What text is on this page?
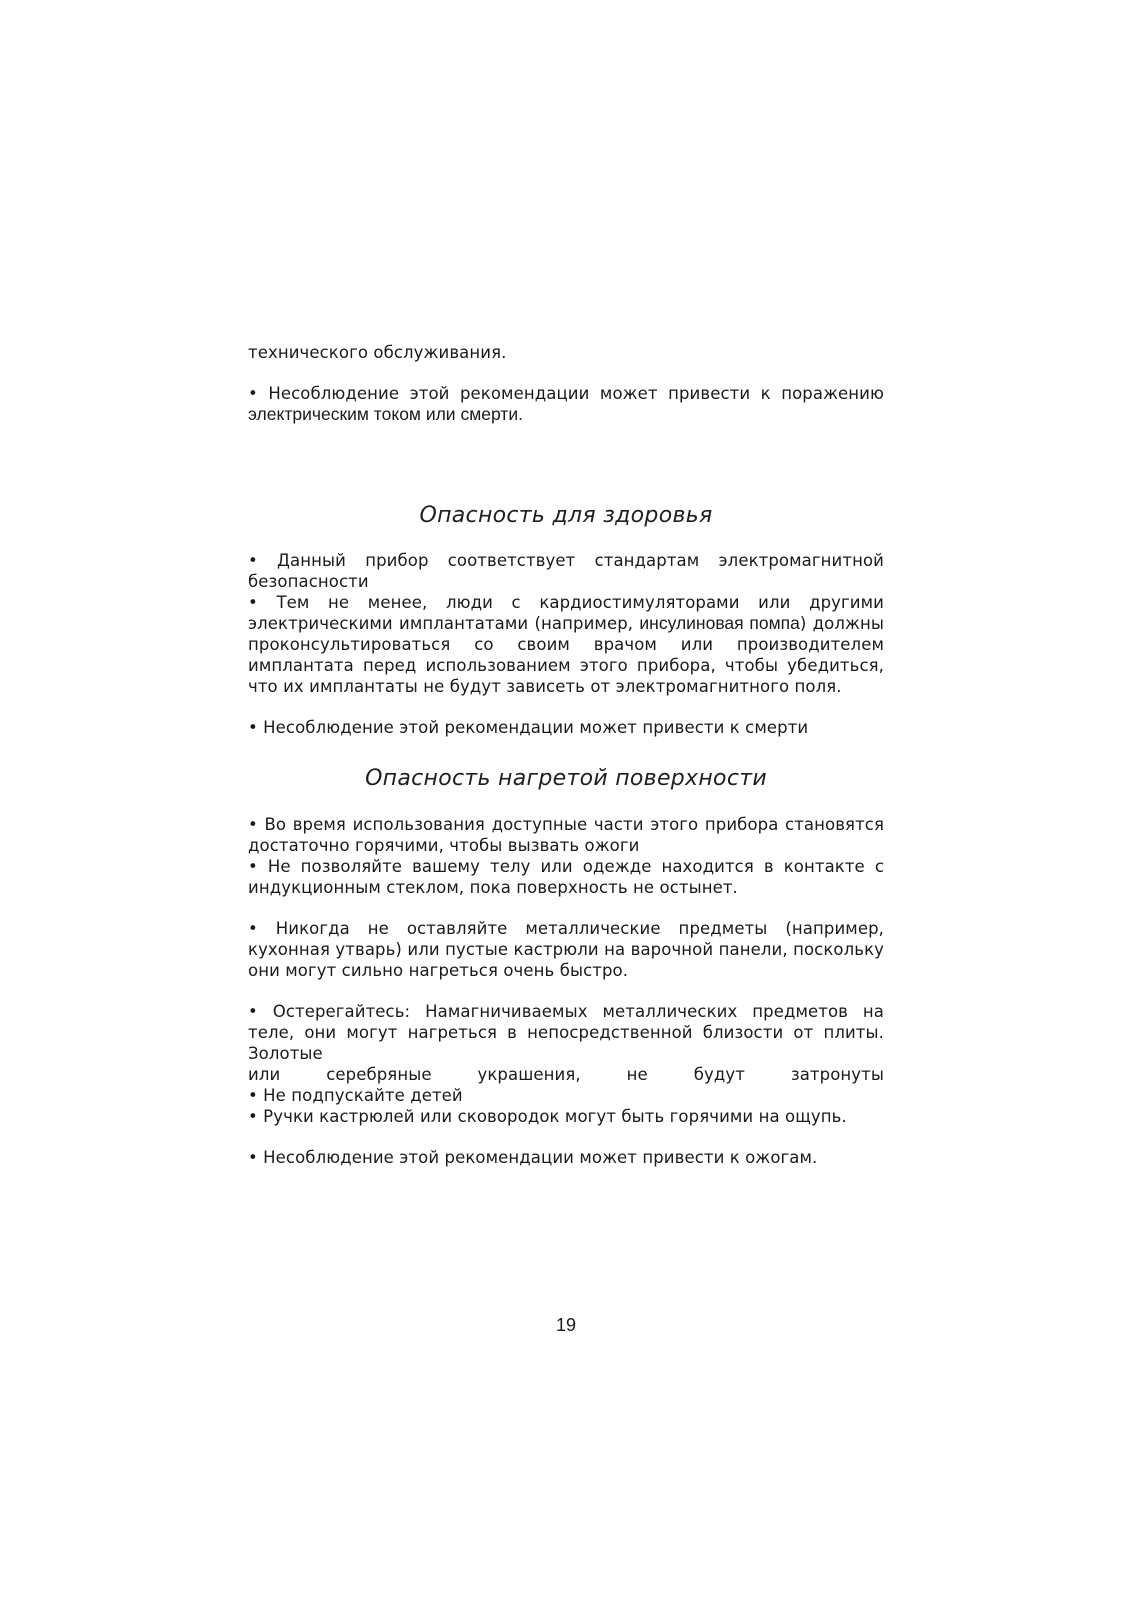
технического обслуживания.

• Несоблюдение этой рекомендации может привести к поражению

электрическим током или смерти.

Опасность для здоровья

• Данный прибор соответствует стандартам электромагнитной безопасности

• Тем не менее, люди с кардиостимуляторами или другими электрическими имплантатами (например, инсулиновая помпа) должны проконсультироваться со своим врачом или производителем имплантата перед использованием этого прибора, чтобы убедиться, что их имплантаты не будут зависеть от электромагнитного поля.

• Несоблюдение этой рекомендации может привести к смерти

Опасность нагретой поверхности

• Во время использования доступные части этого прибора становятся достаточно горячими, чтобы вызвать ожоги

• Не позволяйте вашему телу или одежде находится в контакте с индукционным стеклом, пока поверхность не остынет.

• Никогда не оставляйте металлические предметы (например, кухонная утварь) или пустые кастрюли на варочной панели, поскольку они могут сильно нагреться очень быстро.

• Остерегайтесь: Намагничиваемых металлических предметов на теле, они могут нагреться в непосредственной близости от плиты. Золотые

или серебряные украшения, не будут затронуты

• Не подпускайте детей

• Ручки кастрюлей или сковородок могут быть горячими на ощупь.

• Несоблюдение этой рекомендации может привести к ожогам.

19
